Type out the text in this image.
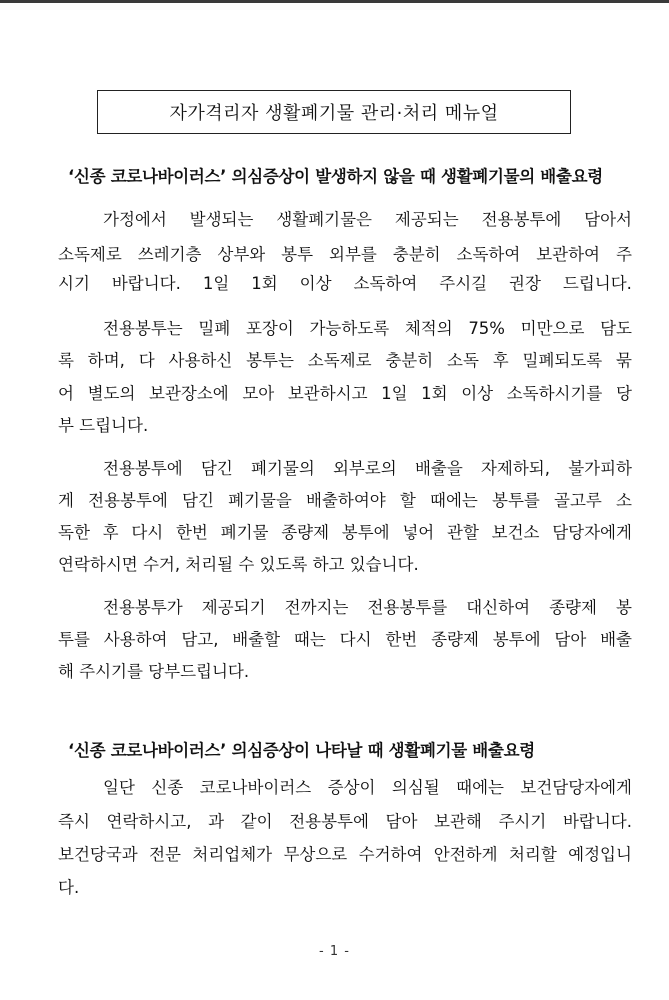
자가격리자 생활폐기물 관리·처리 메뉴얼
‘신종 코로나바이러스’ 의심증상이 발생하지 않을 때 생활폐기물의 배출요령
가정에서 발생되는 생활폐기물은 제공되는 전용봉투에 담아서
소독제로 쓰레기층 상부와 봉투 외부를 충분히 소독하여 보관하여 주
시기 바랍니다. 1일 1회 이상 소독하여 주시길 권장 드립니다.
전용봉투는 밀폐 포장이 가능하도록 체적의 75% 미만으로 담도
록 하며, 다 사용하신 봉투는 소독제로 충분히 소독 후 밀폐되도록 묶
어 별도의 보관장소에 모아 보관하시고 1일 1회 이상 소독하시기를 당
부 드립니다.
전용봉투에 담긴 폐기물의 외부로의 배출을 자제하되, 불가피하
게 전용봉투에 담긴 폐기물을 배출하여야 할 때에는 봉투를 골고루 소
독한 후 다시 한번 폐기물 종량제 봉투에 넣어 관할 보건소 담당자에게
연락하시면 수거, 처리될 수 있도록 하고 있습니다.
전용봉투가 제공되기 전까지는 전용봉투를 대신하여 종량제 봉
투를 사용하여 담고, 배출할 때는 다시 한번 종량제 봉투에 담아 배출
해 주시기를 당부드립니다.
‘신종 코로나바이러스’ 의심증상이 나타날 때 생활폐기물 배출요령
일단 신종 코로나바이러스 증상이 의심될 때에는 보건담당자에게
즉시 연락하시고, 과 같이 전용봉투에 담아 보관해 주시기 바랍니다.
보건당국과 전문 처리업체가 무상으로 수거하여 안전하게 처리할 예정입니
다.
- 1 -
